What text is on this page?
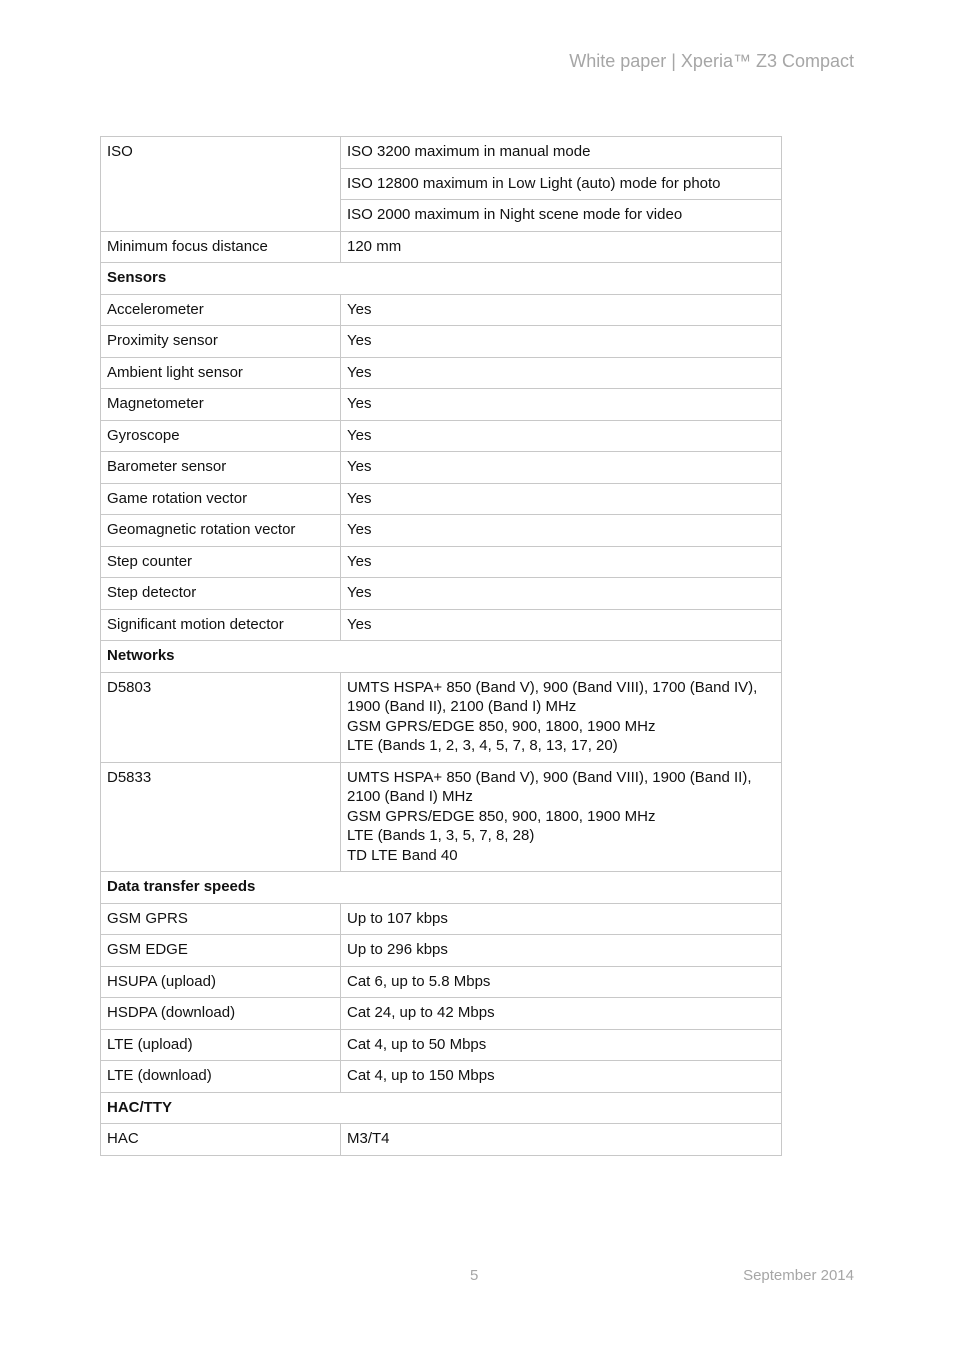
White paper | Xperia™ Z3 Compact
ISO	ISO 3200 maximum in manual mode
	ISO 12800 maximum in Low Light (auto) mode for photo
	ISO 2000 maximum in Night scene mode for video
Minimum focus distance	120 mm
Sensors	
Accelerometer	Yes
Proximity sensor	Yes
Ambient light sensor	Yes
Magnetometer	Yes
Gyroscope	Yes
Barometer sensor	Yes
Game rotation vector	Yes
Geomagnetic rotation vector	Yes
Step counter	Yes
Step detector	Yes
Significant motion detector	Yes
Networks	
D5803	UMTS HSPA+ 850 (Band V), 900 (Band VIII), 1700 (Band IV),
1900 (Band II), 2100 (Band I) MHz
GSM GPRS/EDGE 850, 900, 1800, 1900 MHz
LTE (Bands 1, 2, 3, 4, 5, 7, 8, 13, 17, 20)

D5833	UMTS HSPA+ 850 (Band V), 900 (Band VIII), 1900 (Band II),
2100 (Band I) MHz
GSM GPRS/EDGE 850, 900, 1800, 1900 MHz
LTE (Bands 1, 3, 5, 7, 8, 28)
TD LTE Band 40

Data transfer speeds	
GSM GPRS	Up to 107 kbps
GSM EDGE	Up to 296 kbps
HSUPA (upload)	Cat 6, up to 5.8 Mbps
HSDPA (download)	Cat 24, up to 42 Mbps
LTE (upload)	Cat 4, up to 50 Mbps
LTE (download)	Cat 4, up to 150 Mbps
HAC/TTY	
HAC	M3/T4
5	September 2014
